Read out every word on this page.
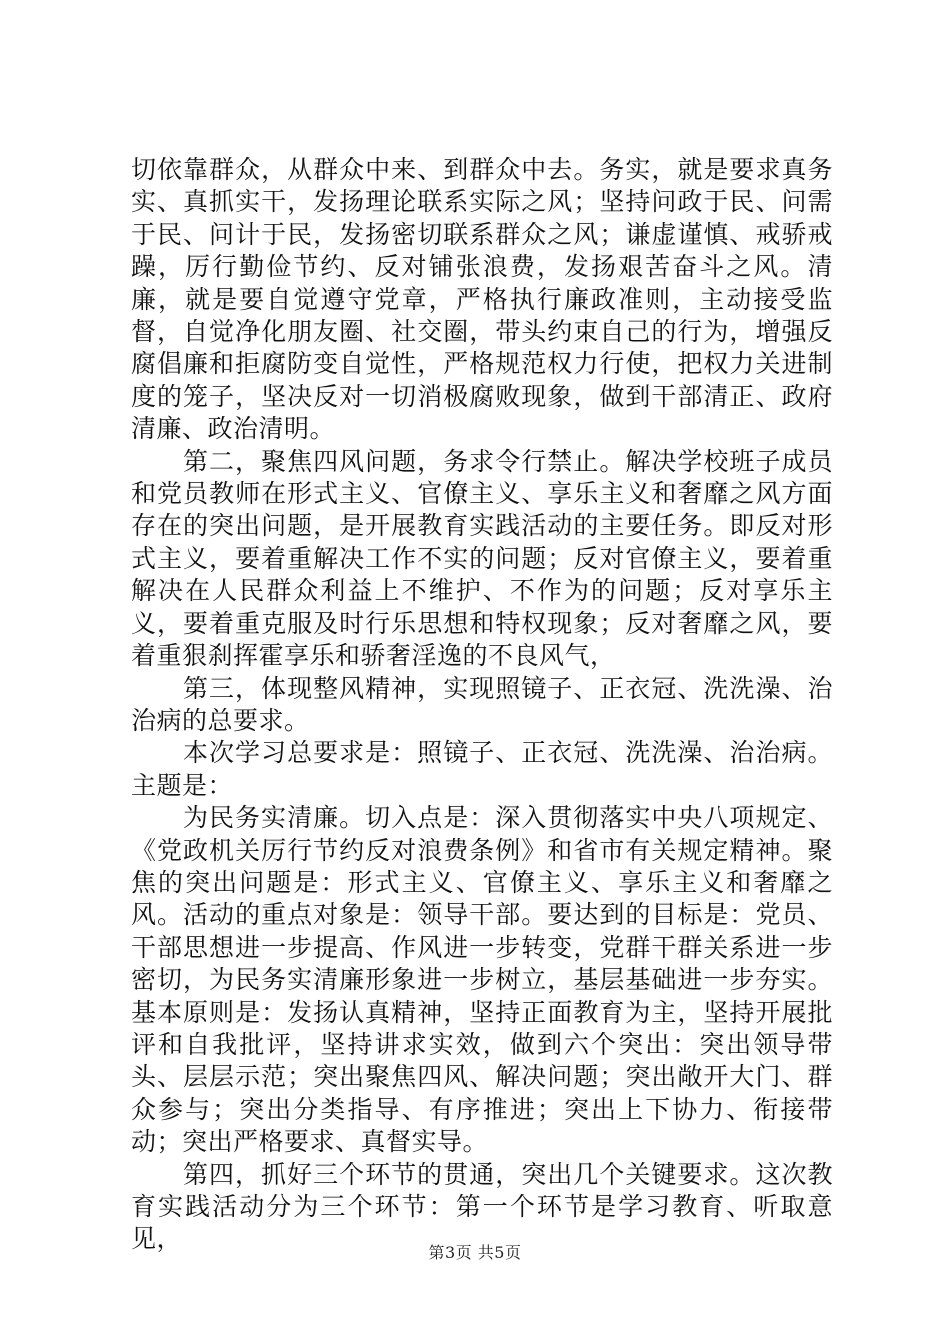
切依靠群众，从群众中来、到群众中去。务实，就是要求真务实、真抓实干，发扬理论联系实际之风；坚持问政于民、问需于民、问计于民，发扬密切联系群众之风；谦虚谨慎、戒骄戒躁，厉行勤俭节约、反对铺张浪费，发扬艰苦奋斗之风。清廉，就是要自觉遵守党章，严格执行廉政准则，主动接受监督，自觉净化朋友圈、社交圈，带头约束自己的行为，增强反腐倡廉和拒腐防变自觉性，严格规范权力行使，把权力关进制度的笼子，坚决反对一切消极腐败现象，做到干部清正、政府清廉、政治清明。

第二，聚焦四风问题，务求令行禁止。解决学校班子成员和党员教师在形式主义、官僚主义、享乐主义和奢靡之风方面存在的突出问题，是开展教育实践活动的主要任务。即反对形式主义，要着重解决工作不实的问题；反对官僚主义，要着重解决在人民群众利益上不维护、不作为的问题；反对享乐主义，要着重克服及时行乐思想和特权现象；反对奢靡之风，要着重狠刹挥霍享乐和骄奢淫逸的不良风气，

第三，体现整风精神，实现照镜子、正衣冠、洗洗澡、治治病的总要求。

本次学习总要求是：照镜子、正衣冠、洗洗澡、治治病。主题是：

为民务实清廉。切入点是：深入贯彻落实中央八项规定、《党政机关厉行节约反对浪费条例》和省市有关规定精神。聚焦的突出问题是：形式主义、官僚主义、享乐主义和奢靡之风。活动的重点对象是：领导干部。要达到的目标是：党员、干部思想进一步提高、作风进一步转变，党群干群关系进一步密切，为民务实清廉形象进一步树立，基层基础进一步夯实。基本原则是：发扬认真精神，坚持正面教育为主，坚持开展批评和自我批评，坚持讲求实效，做到六个突出：突出领导带头、层层示范；突出聚焦四风、解决问题；突出敞开大门、群众参与；突出分类指导、有序推进；突出上下协力、衔接带动；突出严格要求、真督实导。

第四，抓好三个环节的贯通，突出几个关键要求。这次教育实践活动分为三个环节：第一个环节是学习教育、听取意见，	第3页 共5页
